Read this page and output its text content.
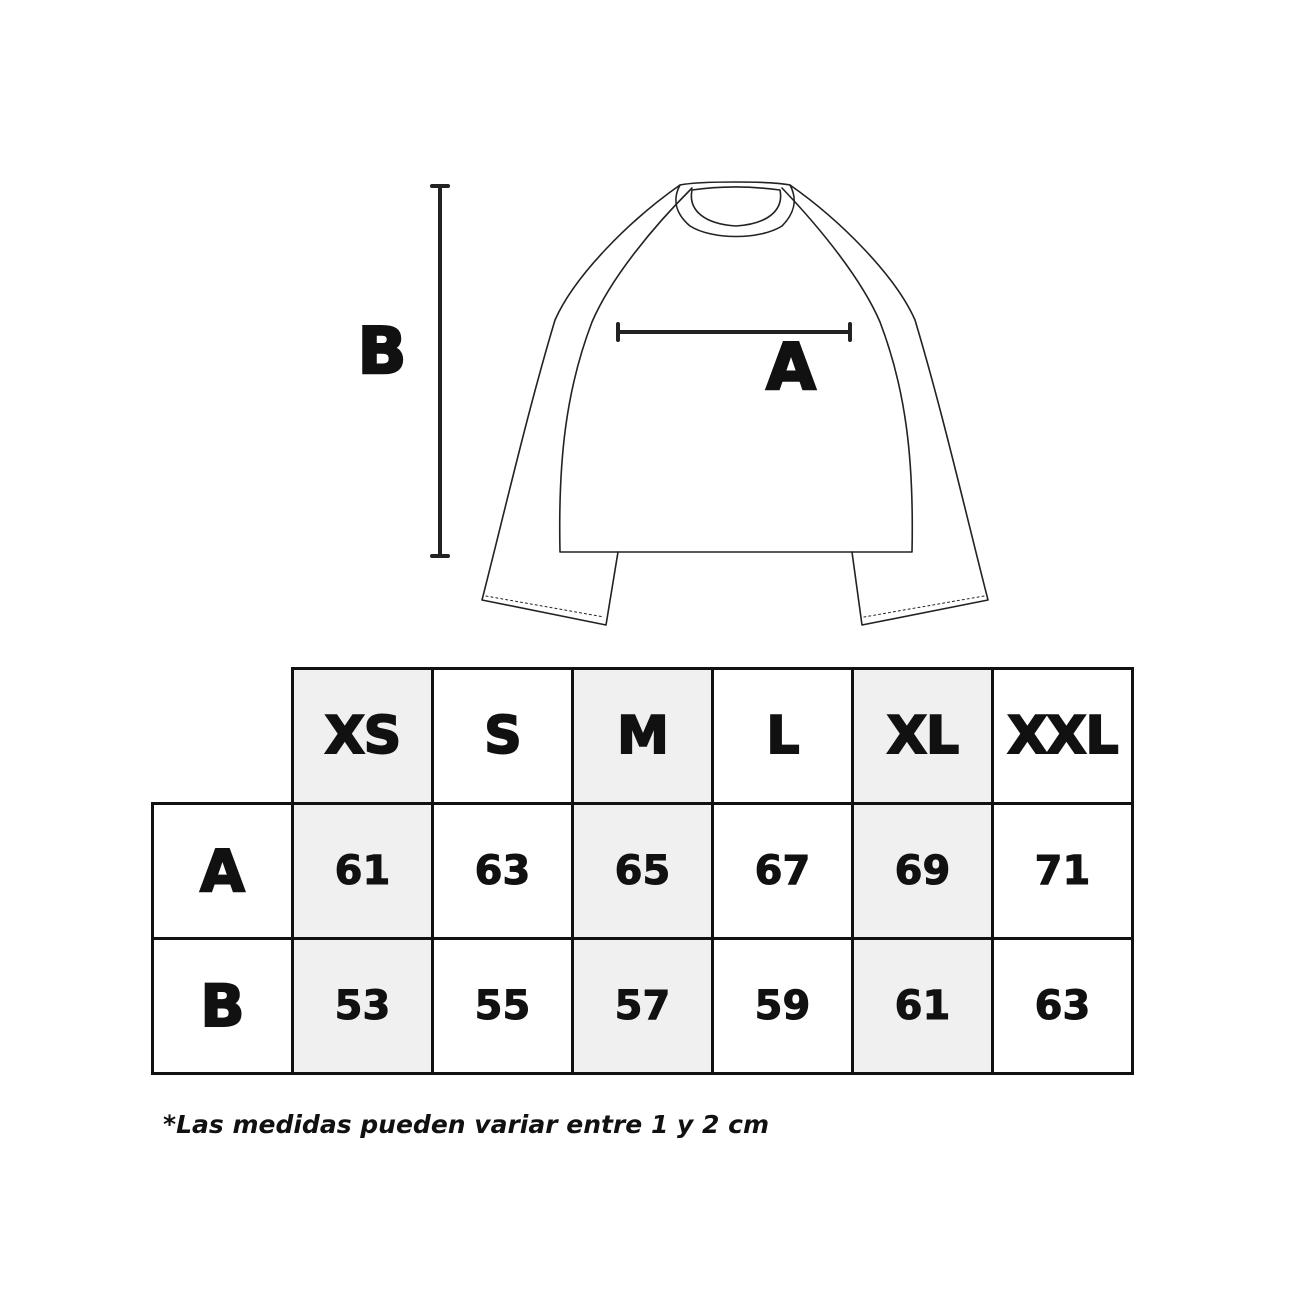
B	A
	XS	S	M	L	XL	XXL
A	61	63	65	67	69	71
B	53	55	57	59	61	63
*Las medidas pueden variar entre 1 y 2 cm
